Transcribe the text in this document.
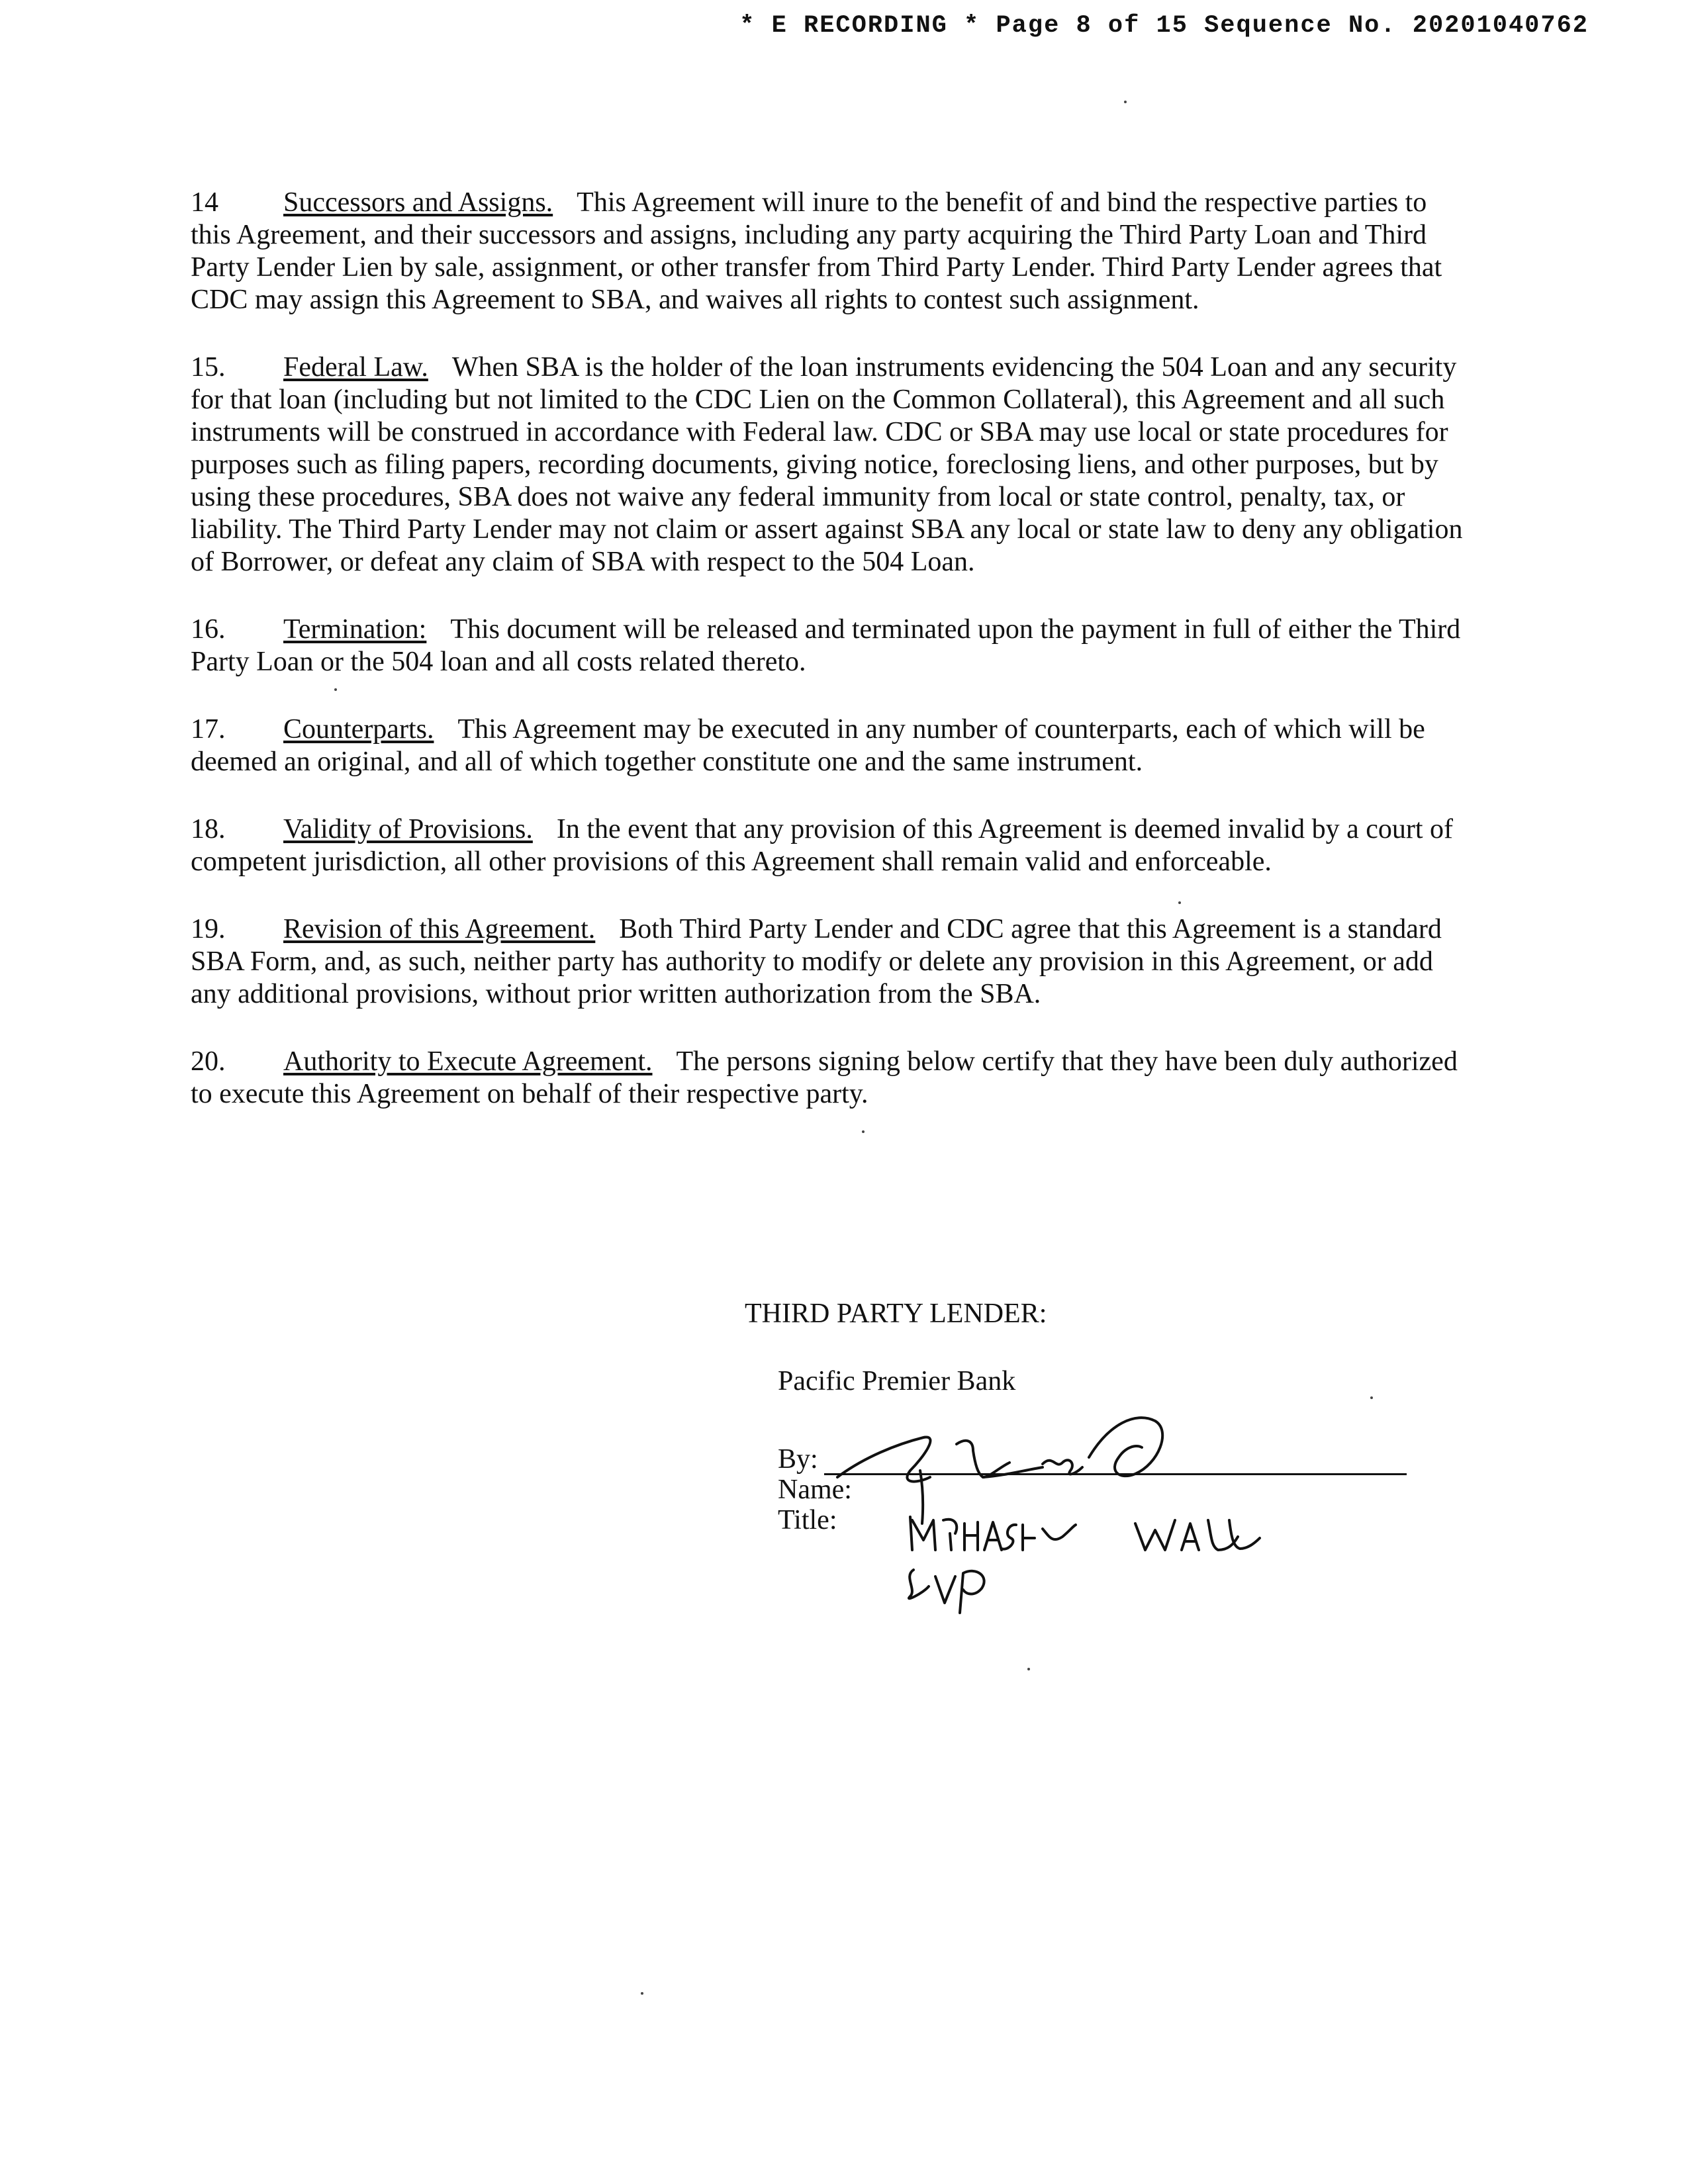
* E RECORDING * Page 8 of 15 Sequence No. 20201040762

14 Successors and Assigns. This Agreement will inure to the benefit of and bind the respective parties to this Agreement, and their successors and assigns, including any party acquiring the Third Party Loan and Third Party Lender Lien by sale, assignment, or other transfer from Third Party Lender. Third Party Lender agrees that CDC may assign this Agreement to SBA, and waives all rights to contest such assignment.

15. Federal Law. When SBA is the holder of the loan instruments evidencing the 504 Loan and any security for that loan (including but not limited to the CDC Lien on the Common Collateral), this Agreement and all such instruments will be construed in accordance with Federal law. CDC or SBA may use local or state procedures for purposes such as filing papers, recording documents, giving notice, foreclosing liens, and other purposes, but by using these procedures, SBA does not waive any federal immunity from local or state control, penalty, tax, or liability. The Third Party Lender may not claim or assert against SBA any local or state law to deny any obligation of Borrower, or defeat any claim of SBA with respect to the 504 Loan.

16. Termination: This document will be released and terminated upon the payment in full of either the Third Party Loan or the 504 loan and all costs related thereto.

17. Counterparts. This Agreement may be executed in any number of counterparts, each of which will be deemed an original, and all of which together constitute one and the same instrument.

18. Validity of Provisions. In the event that any provision of this Agreement is deemed invalid by a court of competent jurisdiction, all other provisions of this Agreement shall remain valid and enforceable.

19. Revision of this Agreement. Both Third Party Lender and CDC agree that this Agreement is a standard SBA Form, and, as such, neither party has authority to modify or delete any provision in this Agreement, or add any additional provisions, without prior written authorization from the SBA.

20. Authority to Execute Agreement. The persons signing below certify that they have been duly authorized to execute this Agreement on behalf of their respective party.

THIRD PARTY LENDER:
Pacific Premier Bank
By:
Name:
Title:
